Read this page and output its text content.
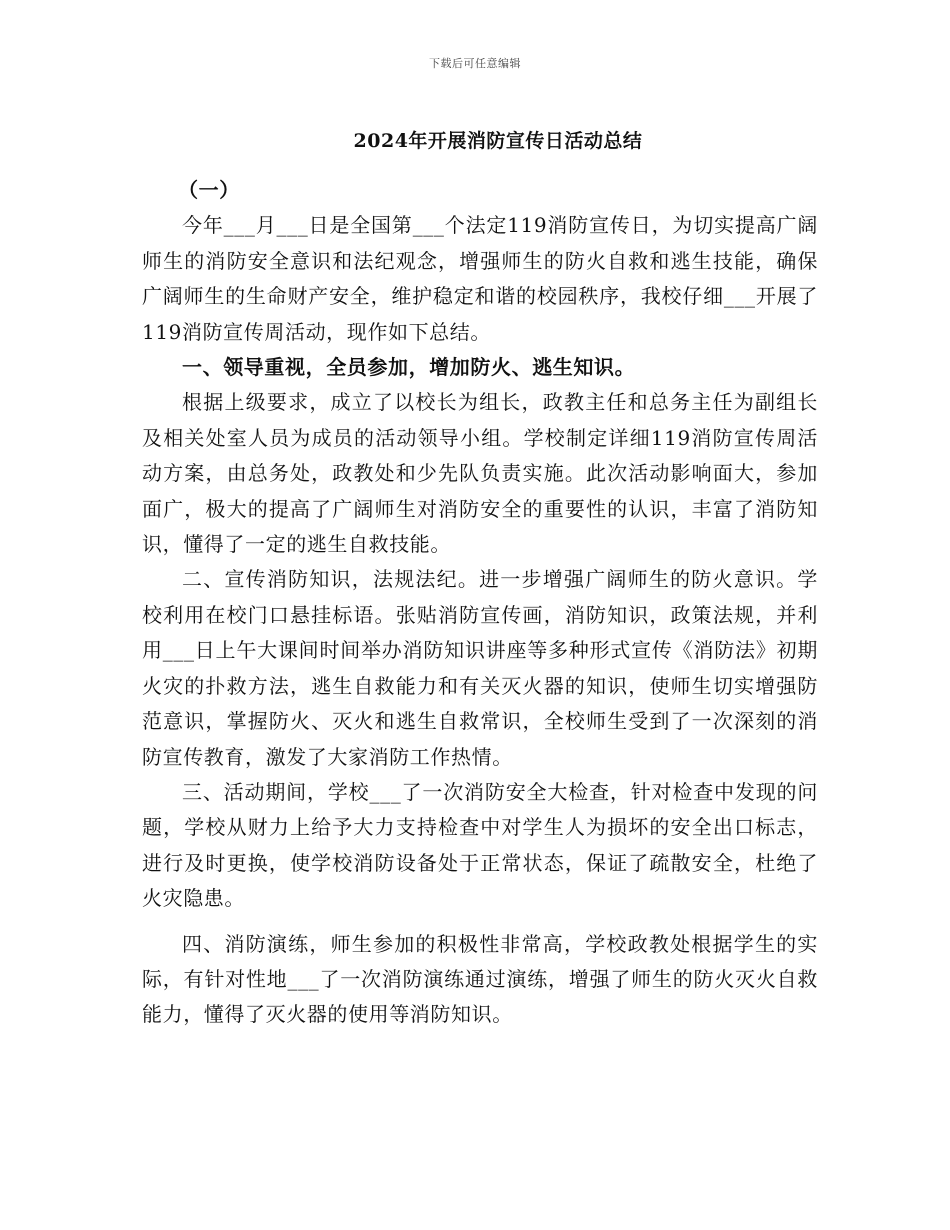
下载后可任意编辑
2024年开展消防宣传日活动总结

（一）

今年___月___日是全国第___个法定119消防宣传日，为切实提高广阔师生的消防安全意识和法纪观念，增强师生的防火自救和逃生技能，确保广阔师生的生命财产安全，维护稳定和谐的校园秩序，我校仔细___开展了119消防宣传周活动，现作如下总结。

一、领导重视，全员参加，增加防火、逃生知识。

根据上级要求，成立了以校长为组长，政教主任和总务主任为副组长及相关处室人员为成员的活动领导小组。学校制定详细119消防宣传周活动方案，由总务处，政教处和少先队负责实施。此次活动影响面大，参加面广，极大的提高了广阔师生对消防安全的重要性的认识，丰富了消防知识，懂得了一定的逃生自救技能。

二、宣传消防知识，法规法纪。进一步增强广阔师生的防火意识。学校利用在校门口悬挂标语。张贴消防宣传画，消防知识，政策法规，并利用___日上午大课间时间举办消防知识讲座等多种形式宣传《消防法》初期火灾的扑救方法，逃生自救能力和有关灭火器的知识，使师生切实增强防范意识，掌握防火、灭火和逃生自救常识，全校师生受到了一次深刻的消防宣传教育，激发了大家消防工作热情。

三、活动期间，学校___了一次消防安全大检查，针对检查中发现的问题，学校从财力上给予大力支持检查中对学生人为损坏的安全出口标志，进行及时更换，使学校消防设备处于正常状态，保证了疏散安全，杜绝了火灾隐患。

四、消防演练，师生参加的积极性非常高，学校政教处根据学生的实际，有针对性地___了一次消防演练通过演练，增强了师生的防火灭火自救能力，懂得了灭火器的使用等消防知识。
